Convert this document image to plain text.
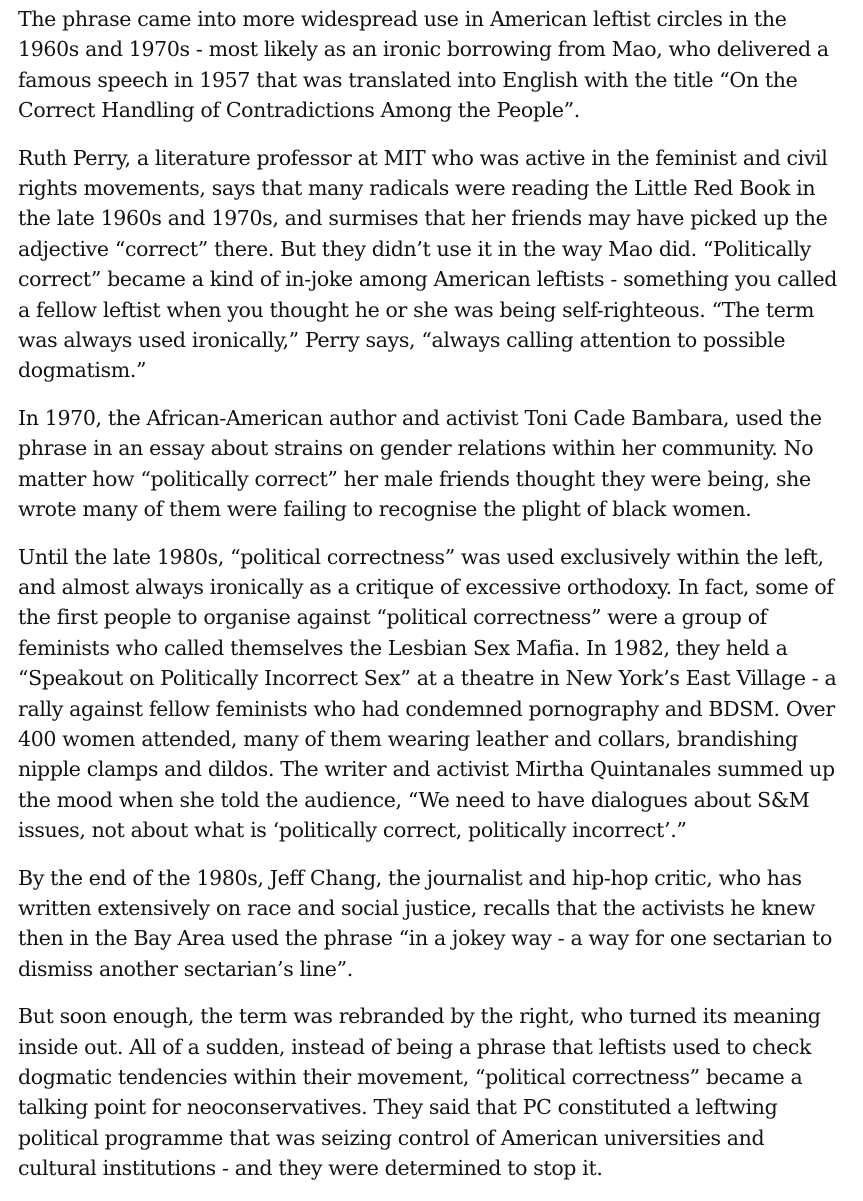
The phrase came into more widespread use in American leftist circles in the 1960s and 1970s - most likely as an ironic borrowing from Mao, who delivered a famous speech in 1957 that was translated into English with the title “On the Correct Handling of Contradictions Among the People”.

Ruth Perry, a literature professor at MIT who was active in the feminist and civil rights movements, says that many radicals were reading the Little Red Book in the late 1960s and 1970s, and surmises that her friends may have picked up the adjective “correct” there. But they didn’t use it in the way Mao did. “Politically correct” became a kind of in-joke among American leftists - something you called a fellow leftist when you thought he or she was being self-righteous. “The term was always used ironically,” Perry says, “always calling attention to possible dogmatism.”

In 1970, the African-American author and activist Toni Cade Bambara, used the phrase in an essay about strains on gender relations within her community. No matter how “politically correct” her male friends thought they were being, she wrote many of them were failing to recognise the plight of black women.

Until the late 1980s, “political correctness” was used exclusively within the left, and almost always ironically as a critique of excessive orthodoxy. In fact, some of the first people to organise against “political correctness” were a group of feminists who called themselves the Lesbian Sex Mafia. In 1982, they held a “Speakout on Politically Incorrect Sex” at a theatre in New York’s East Village - a rally against fellow feminists who had condemned pornography and BDSM. Over 400 women attended, many of them wearing leather and collars, brandishing nipple clamps and dildos. The writer and activist Mirtha Quintanales summed up the mood when she told the audience, “We need to have dialogues about S&M issues, not about what is ‘politically correct, politically incorrect’.”

By the end of the 1980s, Jeff Chang, the journalist and hip-hop critic, who has written extensively on race and social justice, recalls that the activists he knew then in the Bay Area used the phrase “in a jokey way - a way for one sectarian to dismiss another sectarian’s line”.

But soon enough, the term was rebranded by the right, who turned its meaning inside out. All of a sudden, instead of being a phrase that leftists used to check dogmatic tendencies within their movement, “political correctness” became a talking point for neoconservatives. They said that PC constituted a leftwing political programme that was seizing control of American universities and cultural institutions - and they were determined to stop it.
